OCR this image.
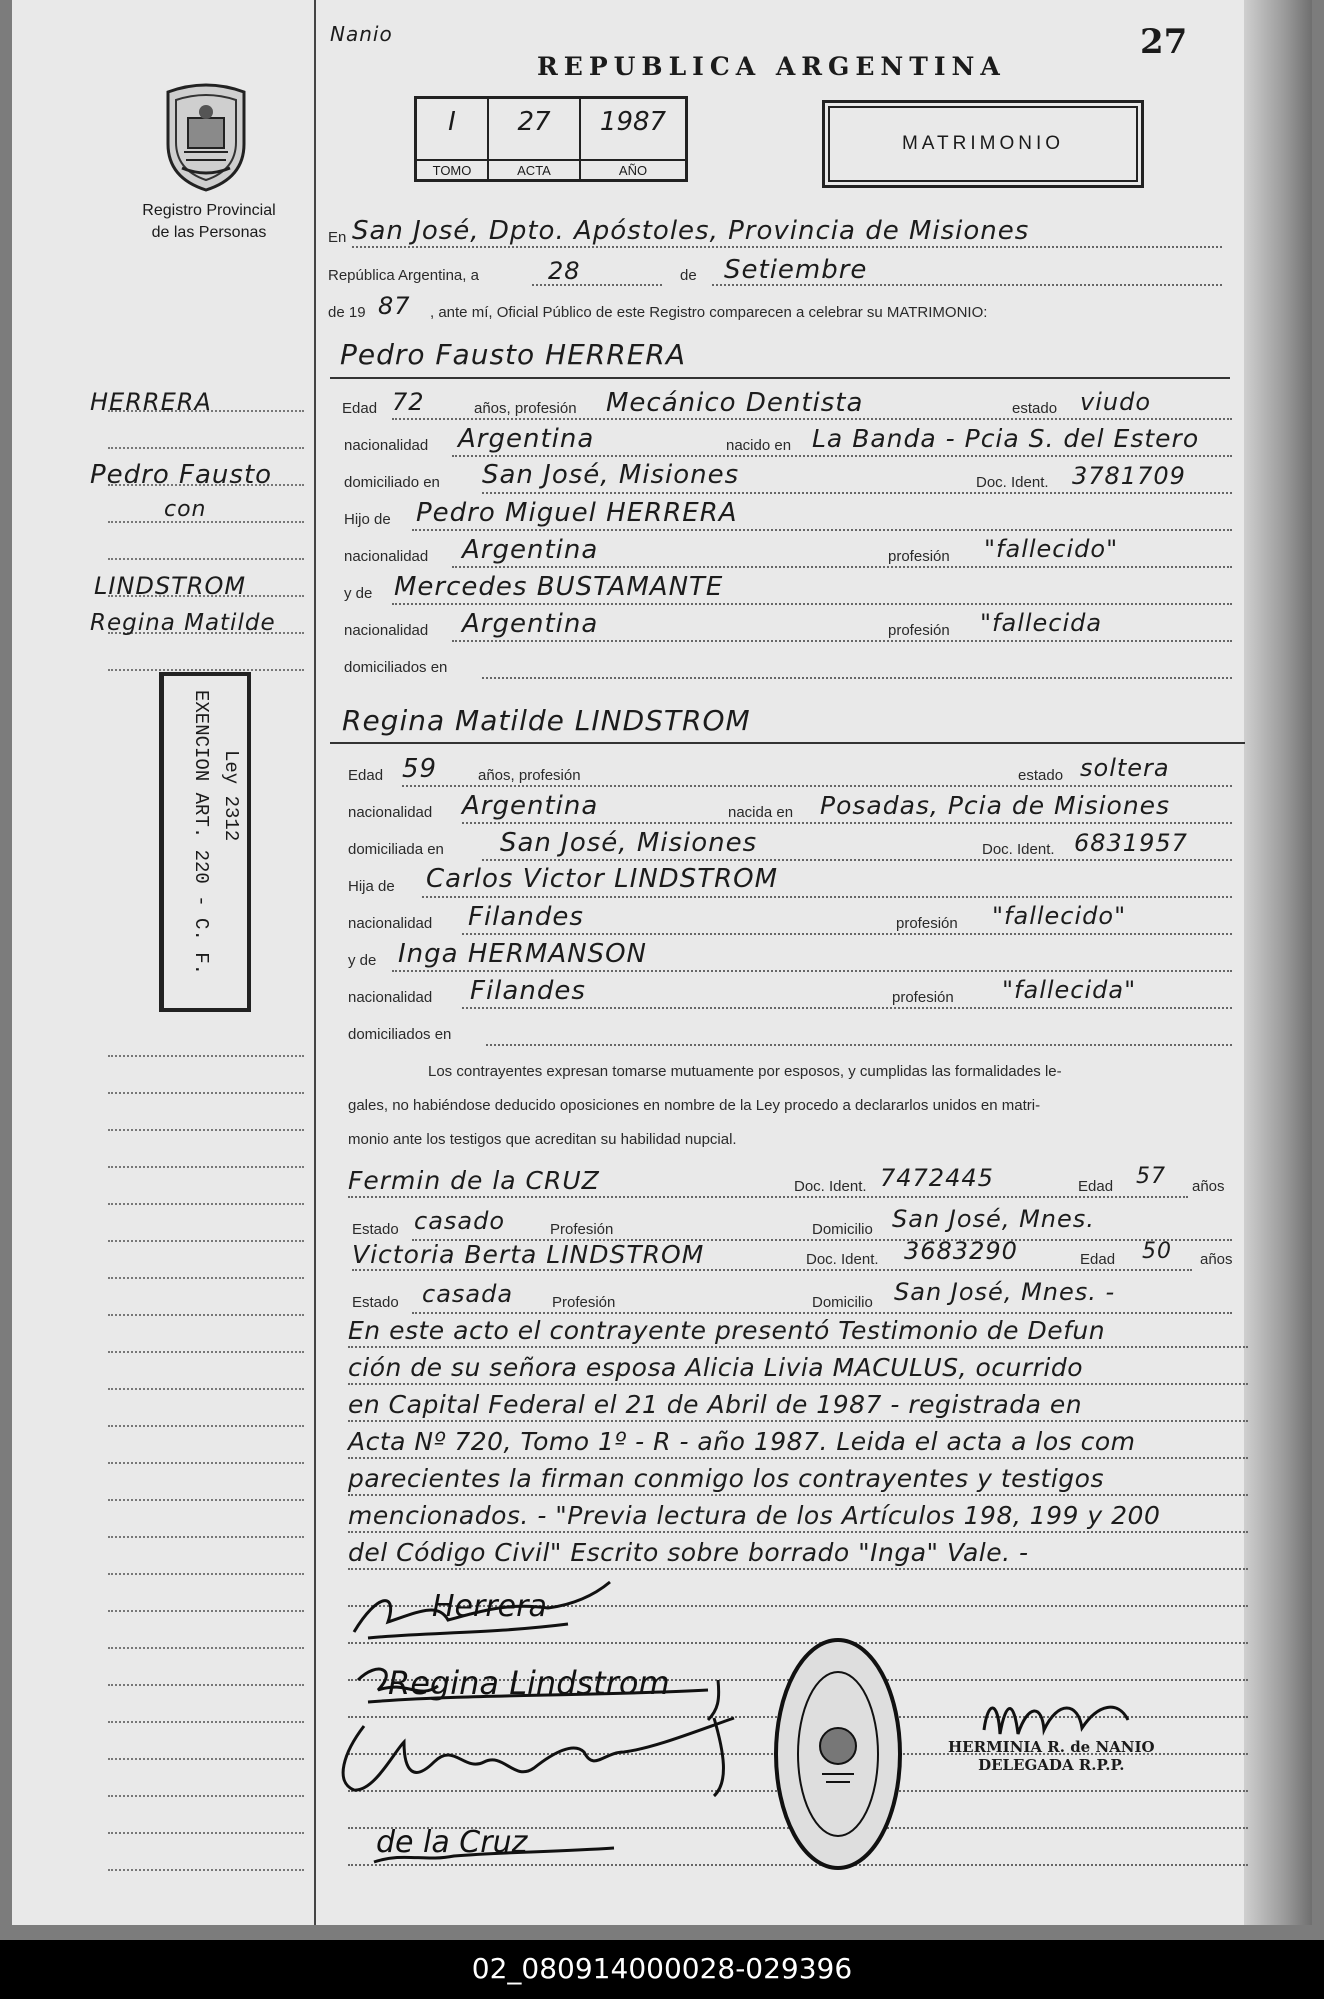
Nanio
REPUBLICA ARGENTINA
27
I
TOMO
27
ACTA
1987
AÑO
MATRIMONIO
Registro Provincial
de las Personas
HERRERA
Pedro Fausto
con
LINDSTROM
Regina Matilde
Ley 2312
EXENCION ART. 220 - C. F.
En San José, Dpto. Apóstoles, Provincia de Misiones
República Argentina, a	28	de Setiembre
de 19 87 , ante mí, Oficial Público de este Registro comparecen a celebrar su MATRIMONIO:
Pedro Fausto HERRERA
Edad 72	años, profesión Mecánico Dentista	estado viudo
nacionalidad Argentina	nacido en La Banda - Pcia S. del Estero
domiciliado en San José, Misiones	Doc. Ident. 3781709
Hijo de Pedro Miguel HERRERA
nacionalidad Argentina	profesión "fallecido"
y de Mercedes BUSTAMANTE
nacionalidad Argentina	profesión "fallecida
domiciliados en
Regina Matilde LINDSTROM
Edad 59	años, profesión	estado soltera
nacionalidad Argentina	nacida en Posadas, Pcia de Misiones
domiciliada en San José, Misiones	Doc. Ident. 6831957
Hija de Carlos Victor LINDSTROM
nacionalidad Filandes	profesión "fallecido"
y de Inga HERMANSON
nacionalidad Filandes	profesión "fallecida"
domiciliados en
Los contrayentes expresan tomarse mutuamente por esposos, y cumplidas las formalidades le-
gales, no habiéndose deducido oposiciones en nombre de la Ley procedo a declararlos unidos en matri-
monio ante los testigos que acreditan su habilidad nupcial.
Fermin de la CRUZ	Doc. Ident. 7472445	Edad 57 años
Estado casado	Profesión	Domicilio San José, Mnes.
Victoria Berta LINDSTROM	Doc. Ident. 3683290	Edad 50 años
Estado casada	Profesión	Domicilio San José, Mnes. -
En este acto el contrayente presentó Testimonio de Defun
ción de su señora esposa Alicia Livia MACULUS, ocurrido
en Capital Federal el 21 de Abril de 1987 - registrada en
Acta Nº 720, Tomo 1º - R - año 1987. Leida el acta a los com
parecientes la firman conmigo los contrayentes y testigos
mencionados. - "Previa lectura de los Artículos 198, 199 y 200
del Código Civil" Escrito sobre borrado "Inga" Vale. -
Herrera
Regina Lindstrom
de la Cruz
HERMINIA R. de NANIO
DELEGADA R.P.P.
02_080914000028-029396
